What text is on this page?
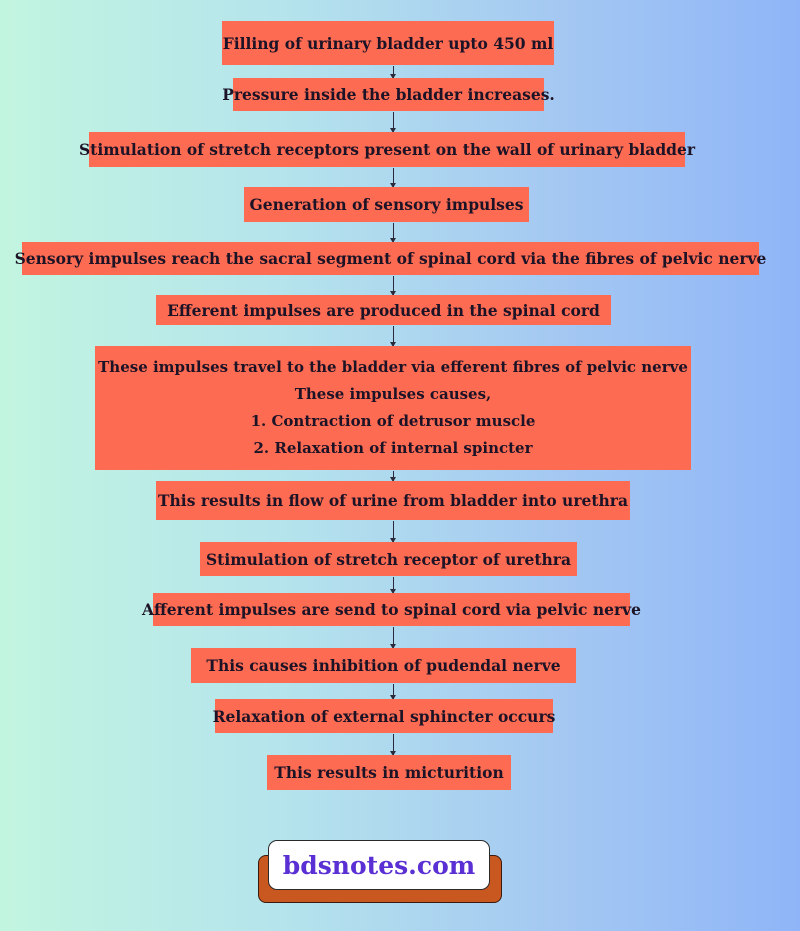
Filling of urinary bladder upto 450 ml
Pressure inside the bladder increases.
Stimulation of stretch receptors present on the wall of urinary bladder
Generation of sensory impulses
Sensory impulses reach the sacral segment of spinal cord via the fibres of pelvic nerve
Efferent impulses are produced in the spinal cord
These impulses travel to the bladder via efferent fibres of pelvic nerve
These impulses causes,
1. Contraction of detrusor muscle
2. Relaxation of internal spincter
This results in flow of urine from bladder into urethra
Stimulation of stretch receptor of urethra
Afferent impulses are send to spinal cord via pelvic nerve
This causes inhibition of pudendal nerve
Relaxation of external sphincter occurs
This results in micturition
bdsnotes.com
